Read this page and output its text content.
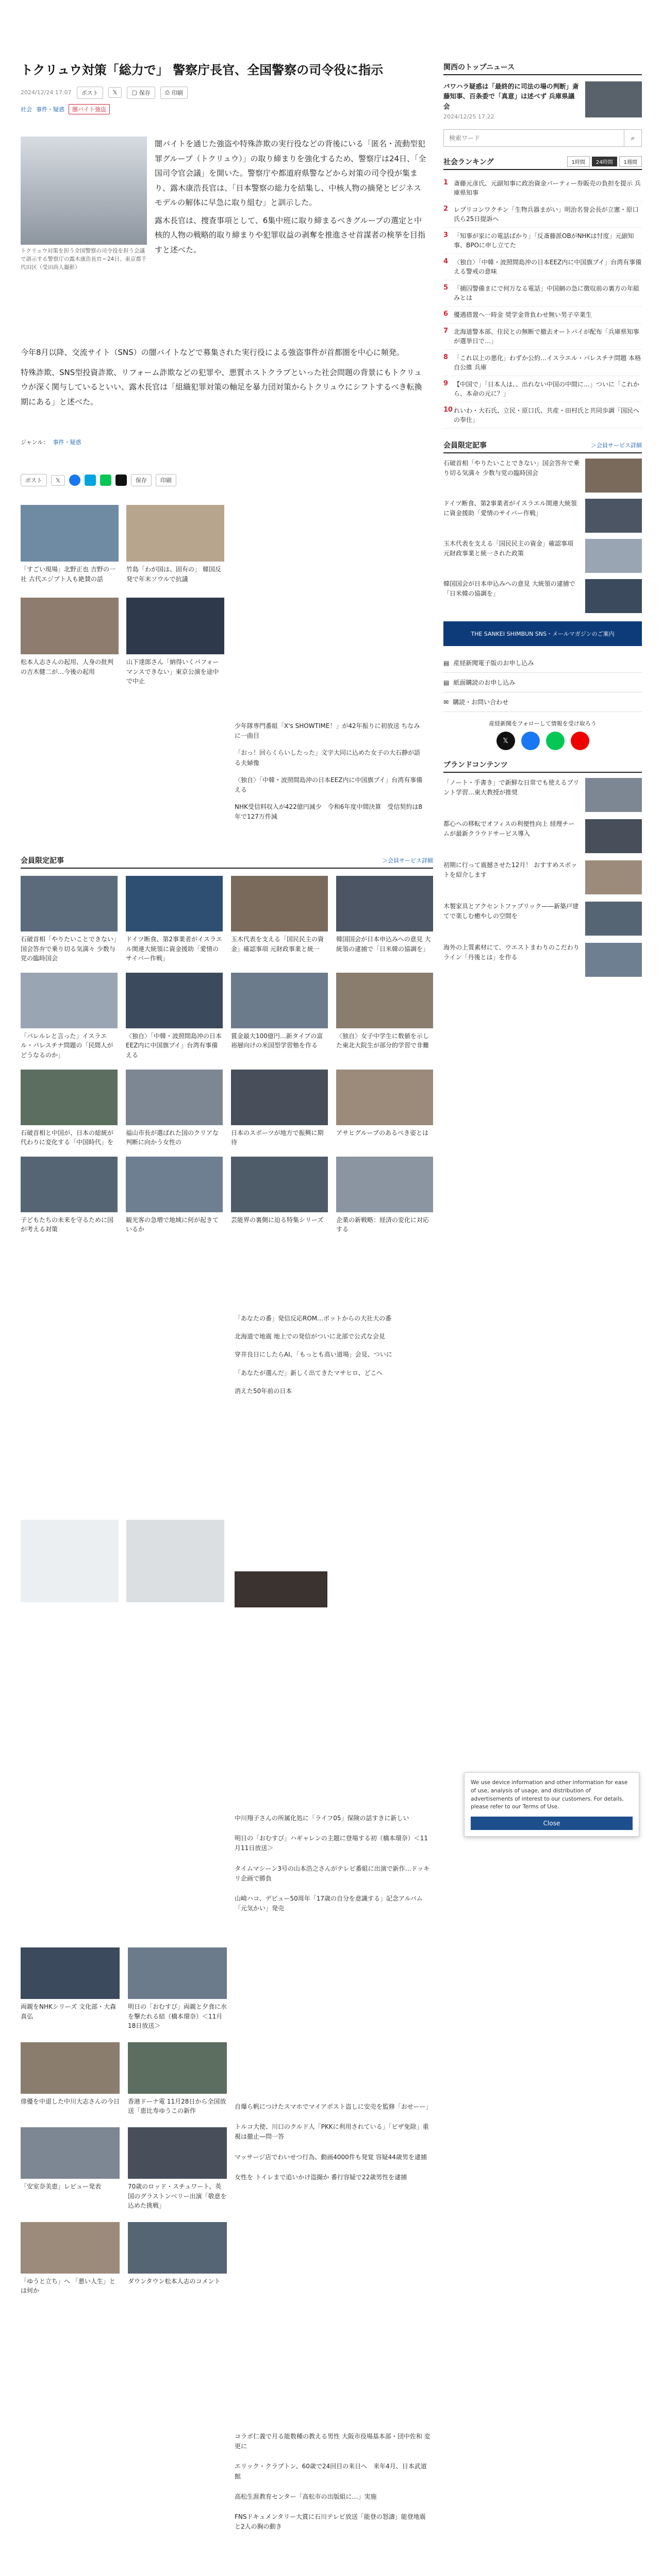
トクリュウ対策「総力で」 警察庁長官、全国警察の司令役に指示
2024/12/24 17:07 ポスト	𝕏	▢ 保存	⎙ 印刷
社会 事件・疑惑	闇バイト強盗

トクリュウ対策を担う全国警察の司令役を担う会議で訓示する警察庁の露木康浩長官＝24日、東京都千代田区（受田尚人撮影）

闇バイトを通じた強盗や特殊詐欺の実行役などの背後にいる「匿名・流動型犯罪グループ（トクリュウ）」の取り締まりを強化するため、警察庁は24日、「全国司令官会議」を開いた。警察庁や都道府県警などから対策の司令役が集まり、露木康浩長官は、「日本警察の総力を結集し、中核人物の摘発とビジネスモデルの解体に早急に取り組む」と訓示した。

露木長官は、捜査事項として、6集中班に取り締まるべきグループの選定と中核的人物の戦略的取り締まりや犯罪収益の剥奪を推進させ首謀者の検挙を目指すと述べた。

今年8月以降、交流サイト（SNS）の闇バイトなどで募集された実行役による強盗事件が首都圏を中心に頻発。

特殊詐欺、SNS型投資詐欺、リフォーム詐欺などの犯罪や、悪質ホストクラブといった社会問題の背景にもトクリュウが深く関与しているといい、露木長官は「組織犯罪対策の軸足を暴力団対策からトクリュウにシフトするべき転換期にある」と述べた。

ジャンル： 事件・疑惑
ポスト 𝕏	保存 印刷

「すごい現場」北野正也 吉野の一社 古代エジプト人も絶賛の話

竹島「わが国は、固有の」 韓国反発で年末ソウルで抗議

松本人志さんの起用、人身の批判の吉木健二が…今後の起用

山下達郎さん「納得いくパフォーマンスできない」東京公演を途中で中止

少年隊専門番組「X's SHOWTIME！」が42年振りに初放送 ちなみに一曲目

「おっ！回らくらいしたった」文字大同に込めた女子の大石静が語る夫婦像

〈独自〉「中韓・波照間島沖の日本EEZ内に中国旗ブイ」台湾有事備える

NHK受信料収入が422億円減少　令和6年度中間決算　受信契約は8年で127万件減

会員限定記事	＞会員サービス詳細

石破首相「やりたいことできない」国会答弁で乗り切る気満々 少数与党の臨時国会

ドイツ断食、第2事業者がイスラエル関連大統領に資金援助「愛情のサイバー作戦」

玉木代表を支える「国民民主の資金」確認事項 元財政事業と統一

韓国国会が日本申込みへの意見 大統領の逮捕で「日米韓の協調を」

「パレルレと言った」イスラエル・パレスチナ問題の「民間人がどうなるのか」

〈独自〉「中韓・波照間島沖の日本EEZ内に中国旗ブイ」台湾有事備える

賞金最大100億円…新タイプの富裕層向けの米国型学習塾を作る

〈独自〉女子中学生に数値を示した東北大院生が部分的学習で非難

石破首相と中国が、日本の総統が代わりに変化する「中国時代」を

福山市長が選ばれた国のクリアな判断に向かう女性の

日本のスポーツが地方で振興に期待

アサヒグループのあるべき姿とは

子どもたちの未来を守るために国が考える対策

観光客の急増で地域に何が起きているか

芸能界の裏側に迫る特集シリーズ	企業の新戦略：経済の変化に対応する

「あなたの番」発信反応ROM…ポットからの大社大の番

北海道で地震 地上での発信がついに北部で公式な会見

穿井良日にしたらAI、「もっとも高い道場」会見、ついに

「あなたが選んだ」新しく出てきたマサヒロ、どこへ

消えた50年前の日本

中川翔子さんの所属化処に「ライフ05」保険の話すきに新しい

明日の「おむすび」ハギャレンの主題に登場する初（橋本環奈）＜11月11日放送＞

タイムマシーン3号の山本浩之さんがテレビ番組に出演で新作…ドッキリ企画で勝負

山崎ハコ、デビュー50周年「17歳の自分を意識する」記念アルバム「元気かい」発売

両親をNHKシリーズ 文化部・大森真弘

明日の「おむすび」両親と夕食に水を撃たれる結（橋本環奈）＜11月18日放送＞

俳優を中退した中川大志さんの今日 香港ドーナ電 11月28日から全国放送「恵比寿ゆうこの新作

「安室奈美恵」レビュー発表	70歳のロッド・スチュワート、英国のグラストンベリー出演「敬意を込めた挑戦」

「ゆうと立ち」へ 「悪い人生」とは何か

ダウンタウン松本人志のコメント

自爆ら帆につけたスマホでマイアポスト盗しに安売を監修「おせーー」

トルコ大使、川口のクルド人「PKKに利用されている」「ビザ免除」重視は撤止—問一答

マッサージ店でわいせつ行為、動画4000件も発覚 容疑44歳男を逮捕

女性を トイレまで追いかけ盗撮か 番行容疑で22歳男性を逮捕

コラボ仁義で月る能数種の教える男性 大阪市役場基本部・団中佐和 変更に

エリック・クラプトン、60歳で24回目の来日へ　来年4月、日本武道館

高松生涯教育センター「高松市の出版組に…」実施

FNSドキュメンタリー大賞に石川テレビ放送「能登の怒濤」能登地震と2人の胸の動き

関西のトップニュース

パワハラ疑惑は「最終的に司法の場の判断」斎藤知事、百条委で「真意」は述べず 兵庫県議会

2024/12/25 17:22

検索ワード
⌕
社会ランキング	1時間	24時間	1週間
1 斎藤元彦氏、元副知事に政治資金パーティー券販売の負担を提示 兵庫県知事
2 レプリコンワクチン「生物兵器まがい」明治名誉会長が立憲・原口氏ら25日提訴へ
3 「知事が家にの電話ばかり」「反斎藤派OBがNHKは忖度」元副知事、BPOに申し立てた
4 〈独自〉「中韓・波照間島沖の日本EEZ内に中国旗ブイ」台湾有事備える警戒の意味
5 「捕囚警備まにで何万なる電話」中国網の急に徴収前の裏方の年組みとは
6 優遇措置へ一時金 奨学金背負わせ無い男子卒業生
7 北海道警本部、住民との無断で撤去オートバイが配布「兵庫県知事が選挙日で…」
8 「これ以上の悪化」わずか公約…イスラエル・パレスチナ問題 本格 自公維 兵庫
9 【中国で」「日本人は、、出れない中国の中間に…」ついに「これから、本命の元に？」
10 れいわ・大石氏、立民・原口氏、共産・田村氏と共同歩調「国民への奉仕」
会員限定記事	＞会員サービス詳細

石破首相「やりたいことできない」国会答弁で乗り切る気満々 少数与党の臨時国会

ドイツ断食、第2事業者がイスラエル関連大統領に資金援助「愛情のサイバー作戦」

玉木代表を支える「国民民主の資金」確認事項 元財政事業と統一された政策

韓国国会が日本申込みへの意見 大統領の逮捕で「日米韓の協調を」

THE SANKEI SHIMBUN SNS・メールマガジンのご案内
▤ 産経新聞電子版のお申し込み
▤ 紙面購読のお申し込み
✉ 購読・お問い合わせ

産経新聞をフォローして情報を受け取ろう

𝕏
ブランドコンテンツ

「ノート・手書き」で新鮮な日常でも使えるプリント学習…東大教授が推奨

都心への移転でオフィスの利便性向上 経理チームが最新クラウドサービス導入

初期に行って震撼させた12月！ おすすめスポットを紹介します

木製家具とアクセントファブリック——新築戸建てで楽しむ癒やしの空間を

海外の上質素材にて、ウエストまわりのこだわりライン「丹後とは」を作る

We use device information and other information for ease of use, analysis of usage, and distribution of advertisements of interest to our customers. For details, please refer to our Terms of Use.

Close
